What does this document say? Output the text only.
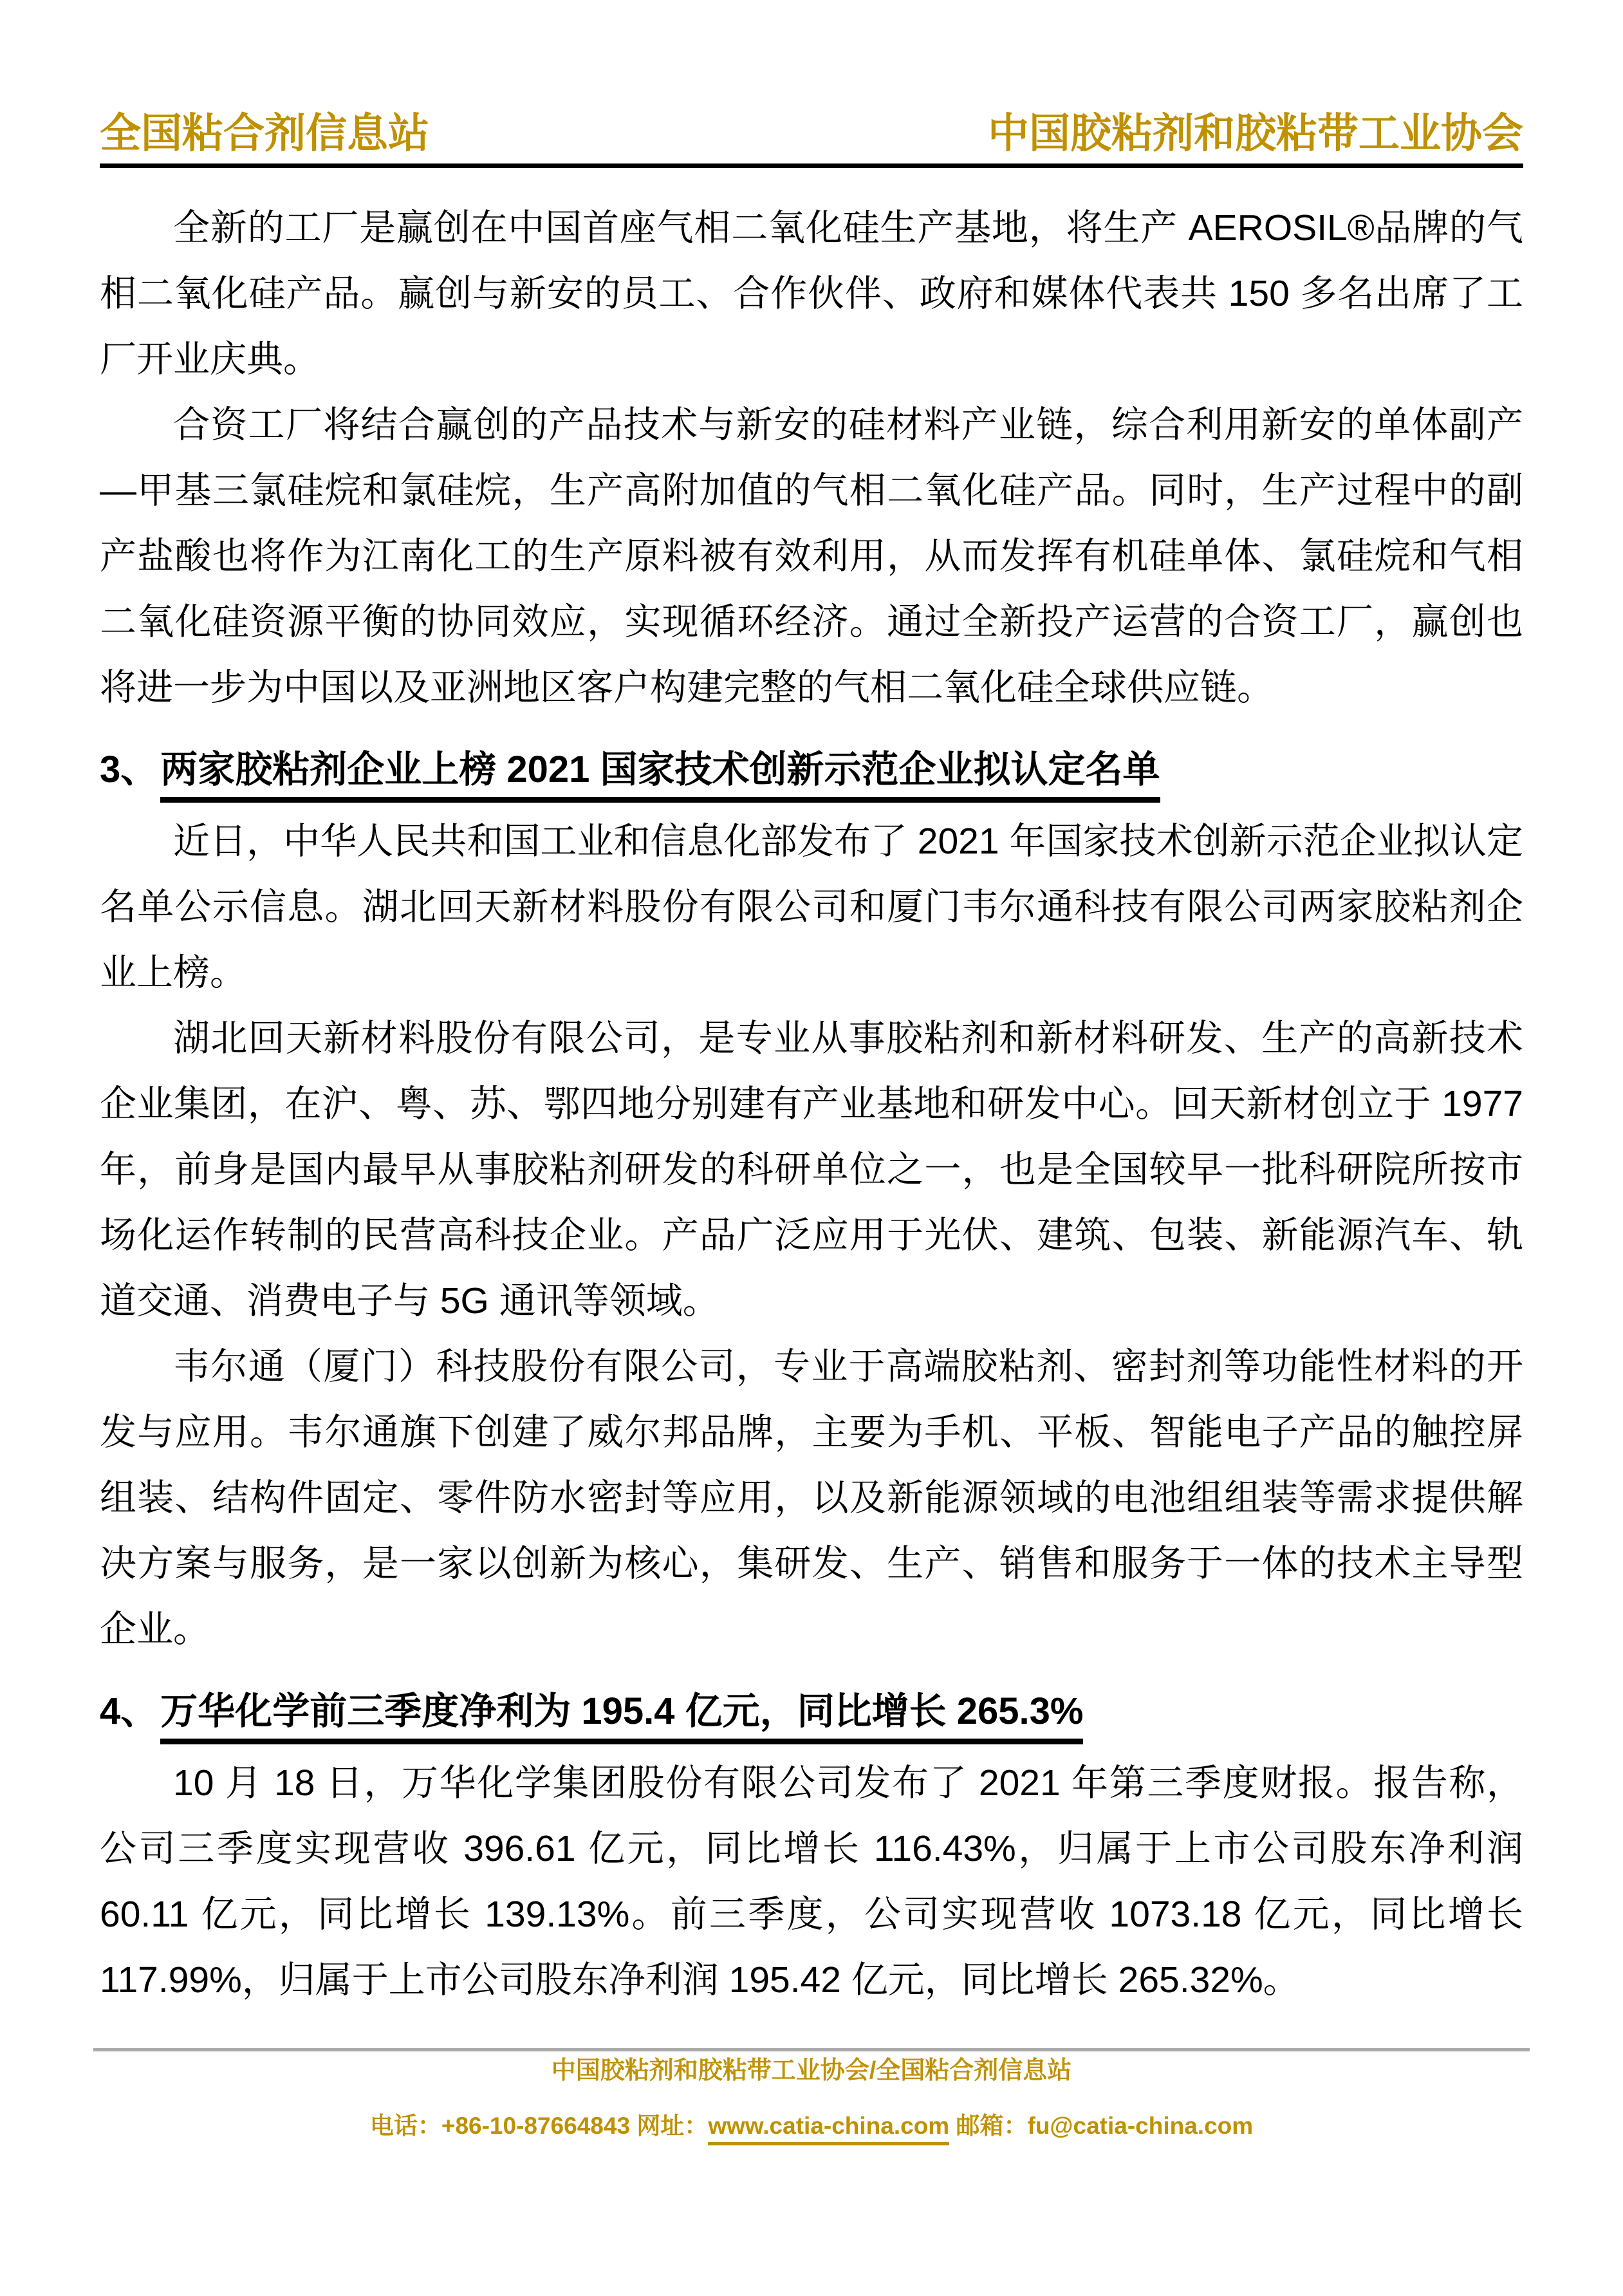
全国粘合剂信息站	中国胶粘剂和胶粘带工业协会

全新的工厂是赢创在中国首座气相二氧化硅生产基地，将生产 AEROSIL®品牌的气相二氧化硅产品。赢创与新安的员工、合作伙伴、政府和媒体代表共 150 多名出席了工厂开业庆典。

合资工厂将结合赢创的产品技术与新安的硅材料产业链，综合利用新安的单体副产—甲基三氯硅烷和氯硅烷，生产高附加值的气相二氧化硅产品。同时，生产过程中的副产盐酸也将作为江南化工的生产原料被有效利用，从而发挥有机硅单体、氯硅烷和气相二氧化硅资源平衡的协同效应，实现循环经济。通过全新投产运营的合资工厂，赢创也将进一步为中国以及亚洲地区客户构建完整的气相二氧化硅全球供应链。

3、两家胶粘剂企业上榜 2021 国家技术创新示范企业拟认定名单

近日，中华人民共和国工业和信息化部发布了 2021 年国家技术创新示范企业拟认定名单公示信息。湖北回天新材料股份有限公司和厦门韦尔通科技有限公司两家胶粘剂企业上榜。

湖北回天新材料股份有限公司，是专业从事胶粘剂和新材料研发、生产的高新技术企业集团，在沪、粤、苏、鄂四地分别建有产业基地和研发中心。回天新材创立于 1977 年，前身是国内最早从事胶粘剂研发的科研单位之一，也是全国较早一批科研院所按市场化运作转制的民营高科技企业。产品广泛应用于光伏、建筑、包装、新能源汽车、轨道交通、消费电子与 5G 通讯等领域。

韦尔通（厦门）科技股份有限公司，专业于高端胶粘剂、密封剂等功能性材料的开发与应用。韦尔通旗下创建了威尔邦品牌，主要为手机、平板、智能电子产品的触控屏组装、结构件固定、零件防水密封等应用，以及新能源领域的电池组组装等需求提供解决方案与服务，是一家以创新为核心，集研发、生产、销售和服务于一体的技术主导型企业。

4、万华化学前三季度净利为 195.4 亿元，同比增长 265.3%

10 月 18 日，万华化学集团股份有限公司发布了 2021 年第三季度财报。报告称，公司三季度实现营收 396.61 亿元，同比增长 116.43%，归属于上市公司股东净利润 60.11 亿元，同比增长 139.13%。前三季度，公司实现营收 1073.18 亿元，同比增长 117.99%，归属于上市公司股东净利润 195.42 亿元，同比增长 265.32%。

中国胶粘剂和胶粘带工业协会/全国粘合剂信息站
电话：+86-10-87664843 网址：www.catia-china.com 邮箱：fu@catia-china.com
